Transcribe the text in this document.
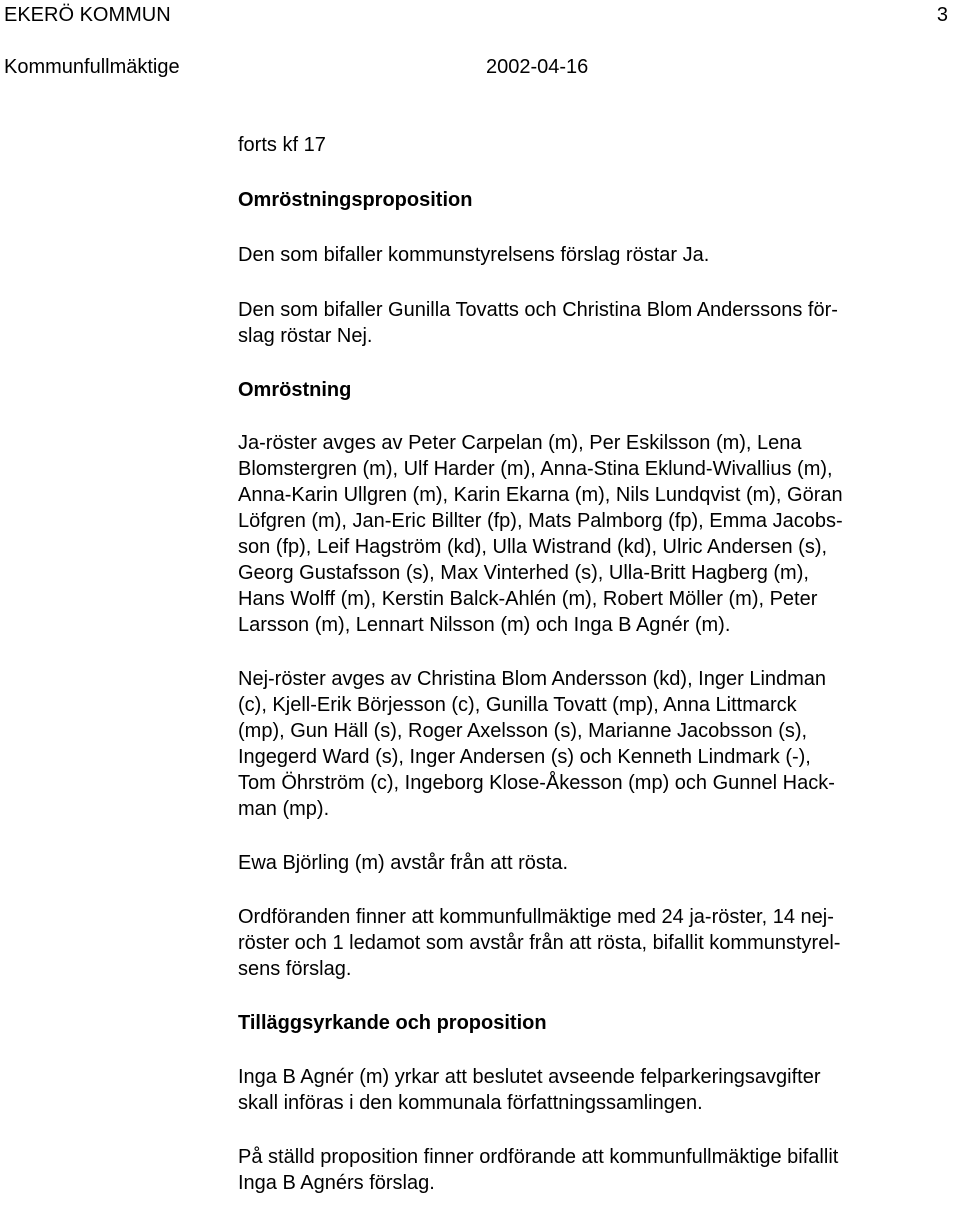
EKERÖ KOMMUN	3
Kommunfullmäktige	2002-04-16

forts kf 17

Omröstningsproposition

Den som bifaller kommunstyrelsens förslag röstar Ja.

Den som bifaller Gunilla Tovatts och Christina Blom Anderssons för-
slag röstar Nej.

Omröstning

Ja-röster avges av Peter Carpelan (m), Per Eskilsson (m), Lena
Blomstergren (m), Ulf Harder (m), Anna-Stina Eklund-Wivallius (m),
Anna-Karin Ullgren (m), Karin Ekarna (m), Nils Lundqvist (m), Göran
Löfgren (m), Jan-Eric Billter (fp), Mats Palmborg (fp), Emma Jacobs-
son (fp), Leif Hagström (kd), Ulla Wistrand (kd), Ulric Andersen (s),
Georg Gustafsson (s), Max Vinterhed (s), Ulla-Britt Hagberg (m),
Hans Wolff (m), Kerstin Balck-Ahlén (m), Robert Möller (m), Peter
Larsson (m), Lennart Nilsson (m) och Inga B Agnér (m).

Nej-röster avges av Christina Blom Andersson (kd), Inger Lindman
(c), Kjell-Erik Börjesson (c), Gunilla Tovatt (mp), Anna Littmarck
(mp), Gun Häll (s), Roger Axelsson (s), Marianne Jacobsson (s),
Ingegerd Ward (s), Inger Andersen (s) och Kenneth Lindmark (-),
Tom Öhrström (c), Ingeborg Klose-Åkesson (mp) och Gunnel Hack-
man (mp).

Ewa Björling (m) avstår från att rösta.

Ordföranden finner att kommunfullmäktige med 24 ja-röster, 14 nej-
röster och 1 ledamot som avstår från att rösta, bifallit kommunstyrel-
sens förslag.

Tilläggsyrkande och proposition

Inga B Agnér (m) yrkar att beslutet avseende felparkeringsavgifter
skall införas i den kommunala författningssamlingen.

På ställd proposition finner ordförande att kommunfullmäktige bifallit
Inga B Agnérs förslag.
